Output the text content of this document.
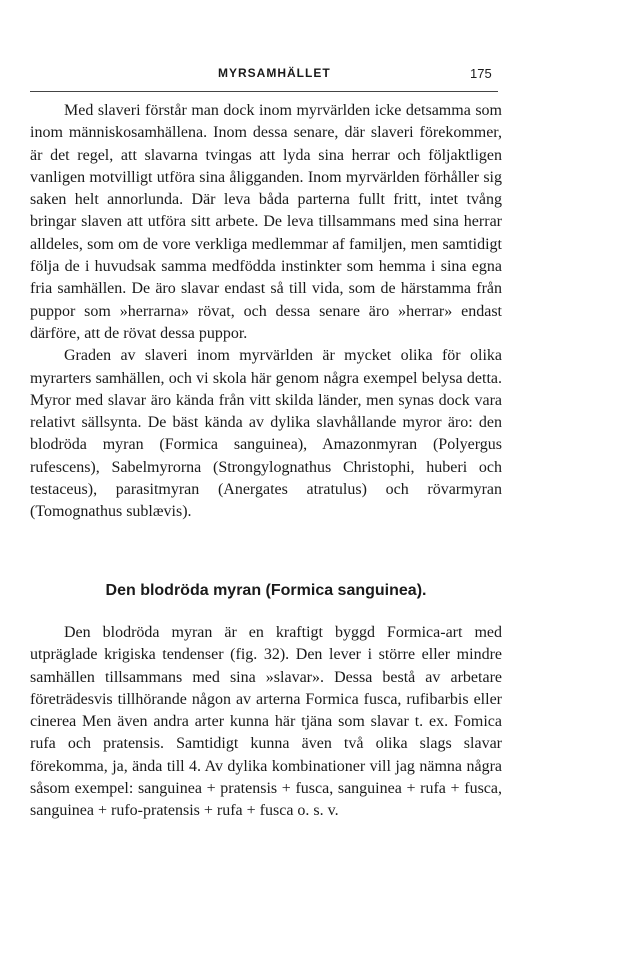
MYRSAMHÄLLET	175

Med slaveri förstår man dock inom myrvärlden icke detsamma som inom människosamhällena. Inom dessa senare, där slaveri förekommer, är det regel, att slavarna tvingas att lyda sina herrar och följaktligen vanligen motvilligt utföra sina åligganden. Inom myrvärlden förhåller sig saken helt annorlunda. Där leva båda parterna fullt fritt, intet tvång bringar slaven att utföra sitt arbete. De leva tillsammans med sina herrar alldeles, som om de vore verkliga medlemmar af familjen, men samtidigt följa de i huvudsak samma medfödda instinkter som hemma i sina egna fria samhällen. De äro slavar endast så till vida, som de härstamma från puppor som »herrarna» rövat, och dessa senare äro »herrar» endast därföre, att de rövat dessa puppor.

Graden av slaveri inom myrvärlden är mycket olika för olika myrarters samhällen, och vi skola här genom några exempel belysa detta. Myror med slavar äro kända från vitt skilda länder, men synas dock vara relativt sällsynta. De bäst kända av dylika slavhållande myror äro: den blodröda myran (Formica sanguinea), Amazonmyran (Polyergus rufescens), Sabelmyrorna (Strongylognathus Christophi, huberi och testaceus), parasitmyran (Anergates atratulus) och rövarmyran (Tomognathus sublævis).

Den blodröda myran (Formica sanguinea).

Den blodröda myran är en kraftigt byggd Formica-art med utpräglade krigiska tendenser (fig. 32). Den lever i större eller mindre samhällen tillsammans med sina »slavar». Dessa bestå av arbetare företrädesvis tillhörande någon av arterna Formica fusca, rufibarbis eller cinerea Men även andra arter kunna här tjäna som slavar t. ex. Fomica rufa och pratensis. Samtidigt kunna även två olika slags slavar förekomma, ja, ända till 4. Av dylika kombinationer vill jag nämna några såsom exempel: sanguinea + pratensis + fusca, sanguinea + rufa + fusca, sanguinea + rufo-pratensis + rufa + fusca o. s. v.
